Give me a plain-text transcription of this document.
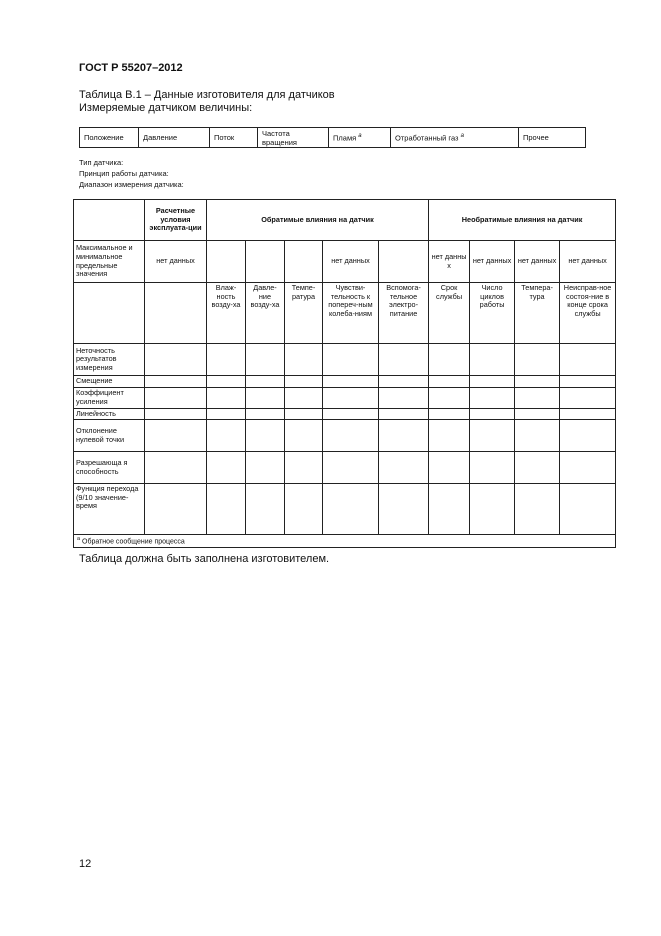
ГОСТ Р 55207–2012
Таблица В.1 – Данные изготовителя для датчиков
Измеряемые датчиком величины:
Положение	Давление	Поток	Частота вращения	Пламя $^a$	Отработанный газ $^a$	Прочее
Тип датчика:
Принцип работы датчика:
Диапазон измерения датчика:
	Расчетные условия эксплуата-ции	Обратимые влияния на датчик					Необратимые влияния на датчик			
Максимальное и минимальное предельные значения	нет данных				нет данных		нет данны х	нет данных	нет данных	нет данных
		Влаж-ность возду-ха	Давле-ние возду-ха	Темпе-ратура	Чувстви-тельность к попереч-ным колеба-ниям	Вспомога-тельное электро-питание	Срок службы	Число циклов работы	Темпера-тура	Неисправ-ное состоя-ние в конце срока службы
Неточность результатов измерения										
Смещение										
Коэффициент усиления										
Линейность										
Отклонение нулевой точки										
Разрешающа я способность										
Функция перехода (9/10 значение-время										
$^a$ Обратное сообщение процесса										
Таблица должна быть заполнена изготовителем.
12
